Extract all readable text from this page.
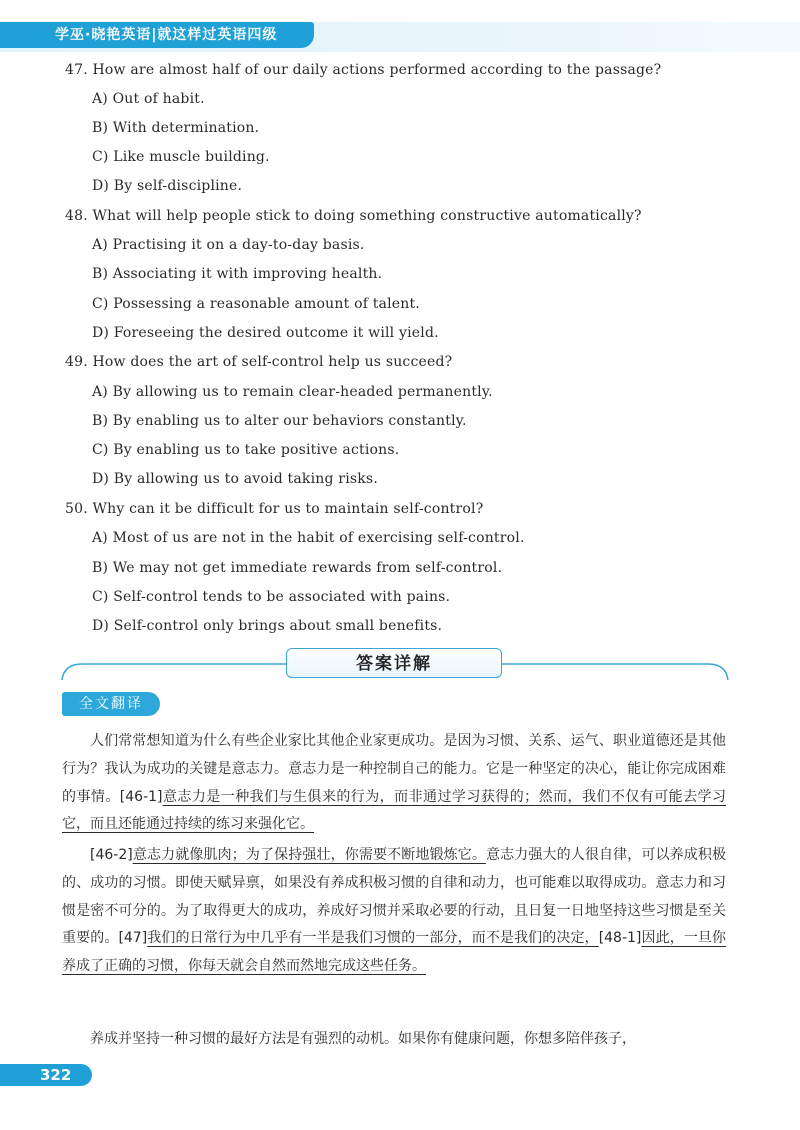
学巫·晓艳英语|就这样过英语四级
47. How are almost half of our daily actions performed according to the passage?
A) Out of habit.
B) With determination.
C) Like muscle building.
D) By self-discipline.
48. What will help people stick to doing something constructive automatically?
A) Practising it on a day-to-day basis.
B) Associating it with improving health.
C) Possessing a reasonable amount of talent.
D) Foreseeing the desired outcome it will yield.
49. How does the art of self-control help us succeed?
A) By allowing us to remain clear-headed permanently.
B) By enabling us to alter our behaviors constantly.
C) By enabling us to take positive actions.
D) By allowing us to avoid taking risks.
50. Why can it be difficult for us to maintain self-control?
A) Most of us are not in the habit of exercising self-control.
B) We may not get immediate rewards from self-control.
C) Self-control tends to be associated with pains.
D) Self-control only brings about small benefits.
答案详解
全文翻译
人们常常想知道为什么有些企业家比其他企业家更成功。是因为习惯、关系、运气、职业道德还是其他行为？我认为成功的关键是意志力。意志力是一种控制自己的能力。它是一种坚定的决心，能让你完成困难的事情。[46-1]意志力是一种我们与生俱来的行为，而非通过学习获得的；然而，我们不仅有可能去学习它，而且还能通过持续的练习来强化它。
[46-2]意志力就像肌肉；为了保持强壮，你需要不断地锻炼它。意志力强大的人很自律，可以养成积极的、成功的习惯。即使天赋异禀，如果没有养成积极习惯的自律和动力，也可能难以取得成功。意志力和习惯是密不可分的。为了取得更大的成功，养成好习惯并采取必要的行动，且日复一日地坚持这些习惯是至关重要的。[47]我们的日常行为中几乎有一半是我们习惯的一部分，而不是我们的决定，[48-1]因此，一旦你养成了正确的习惯，你每天就会自然而然地完成这些任务。
养成并坚持一种习惯的最好方法是有强烈的动机。如果你有健康问题，你想多陪伴孩子，
322
